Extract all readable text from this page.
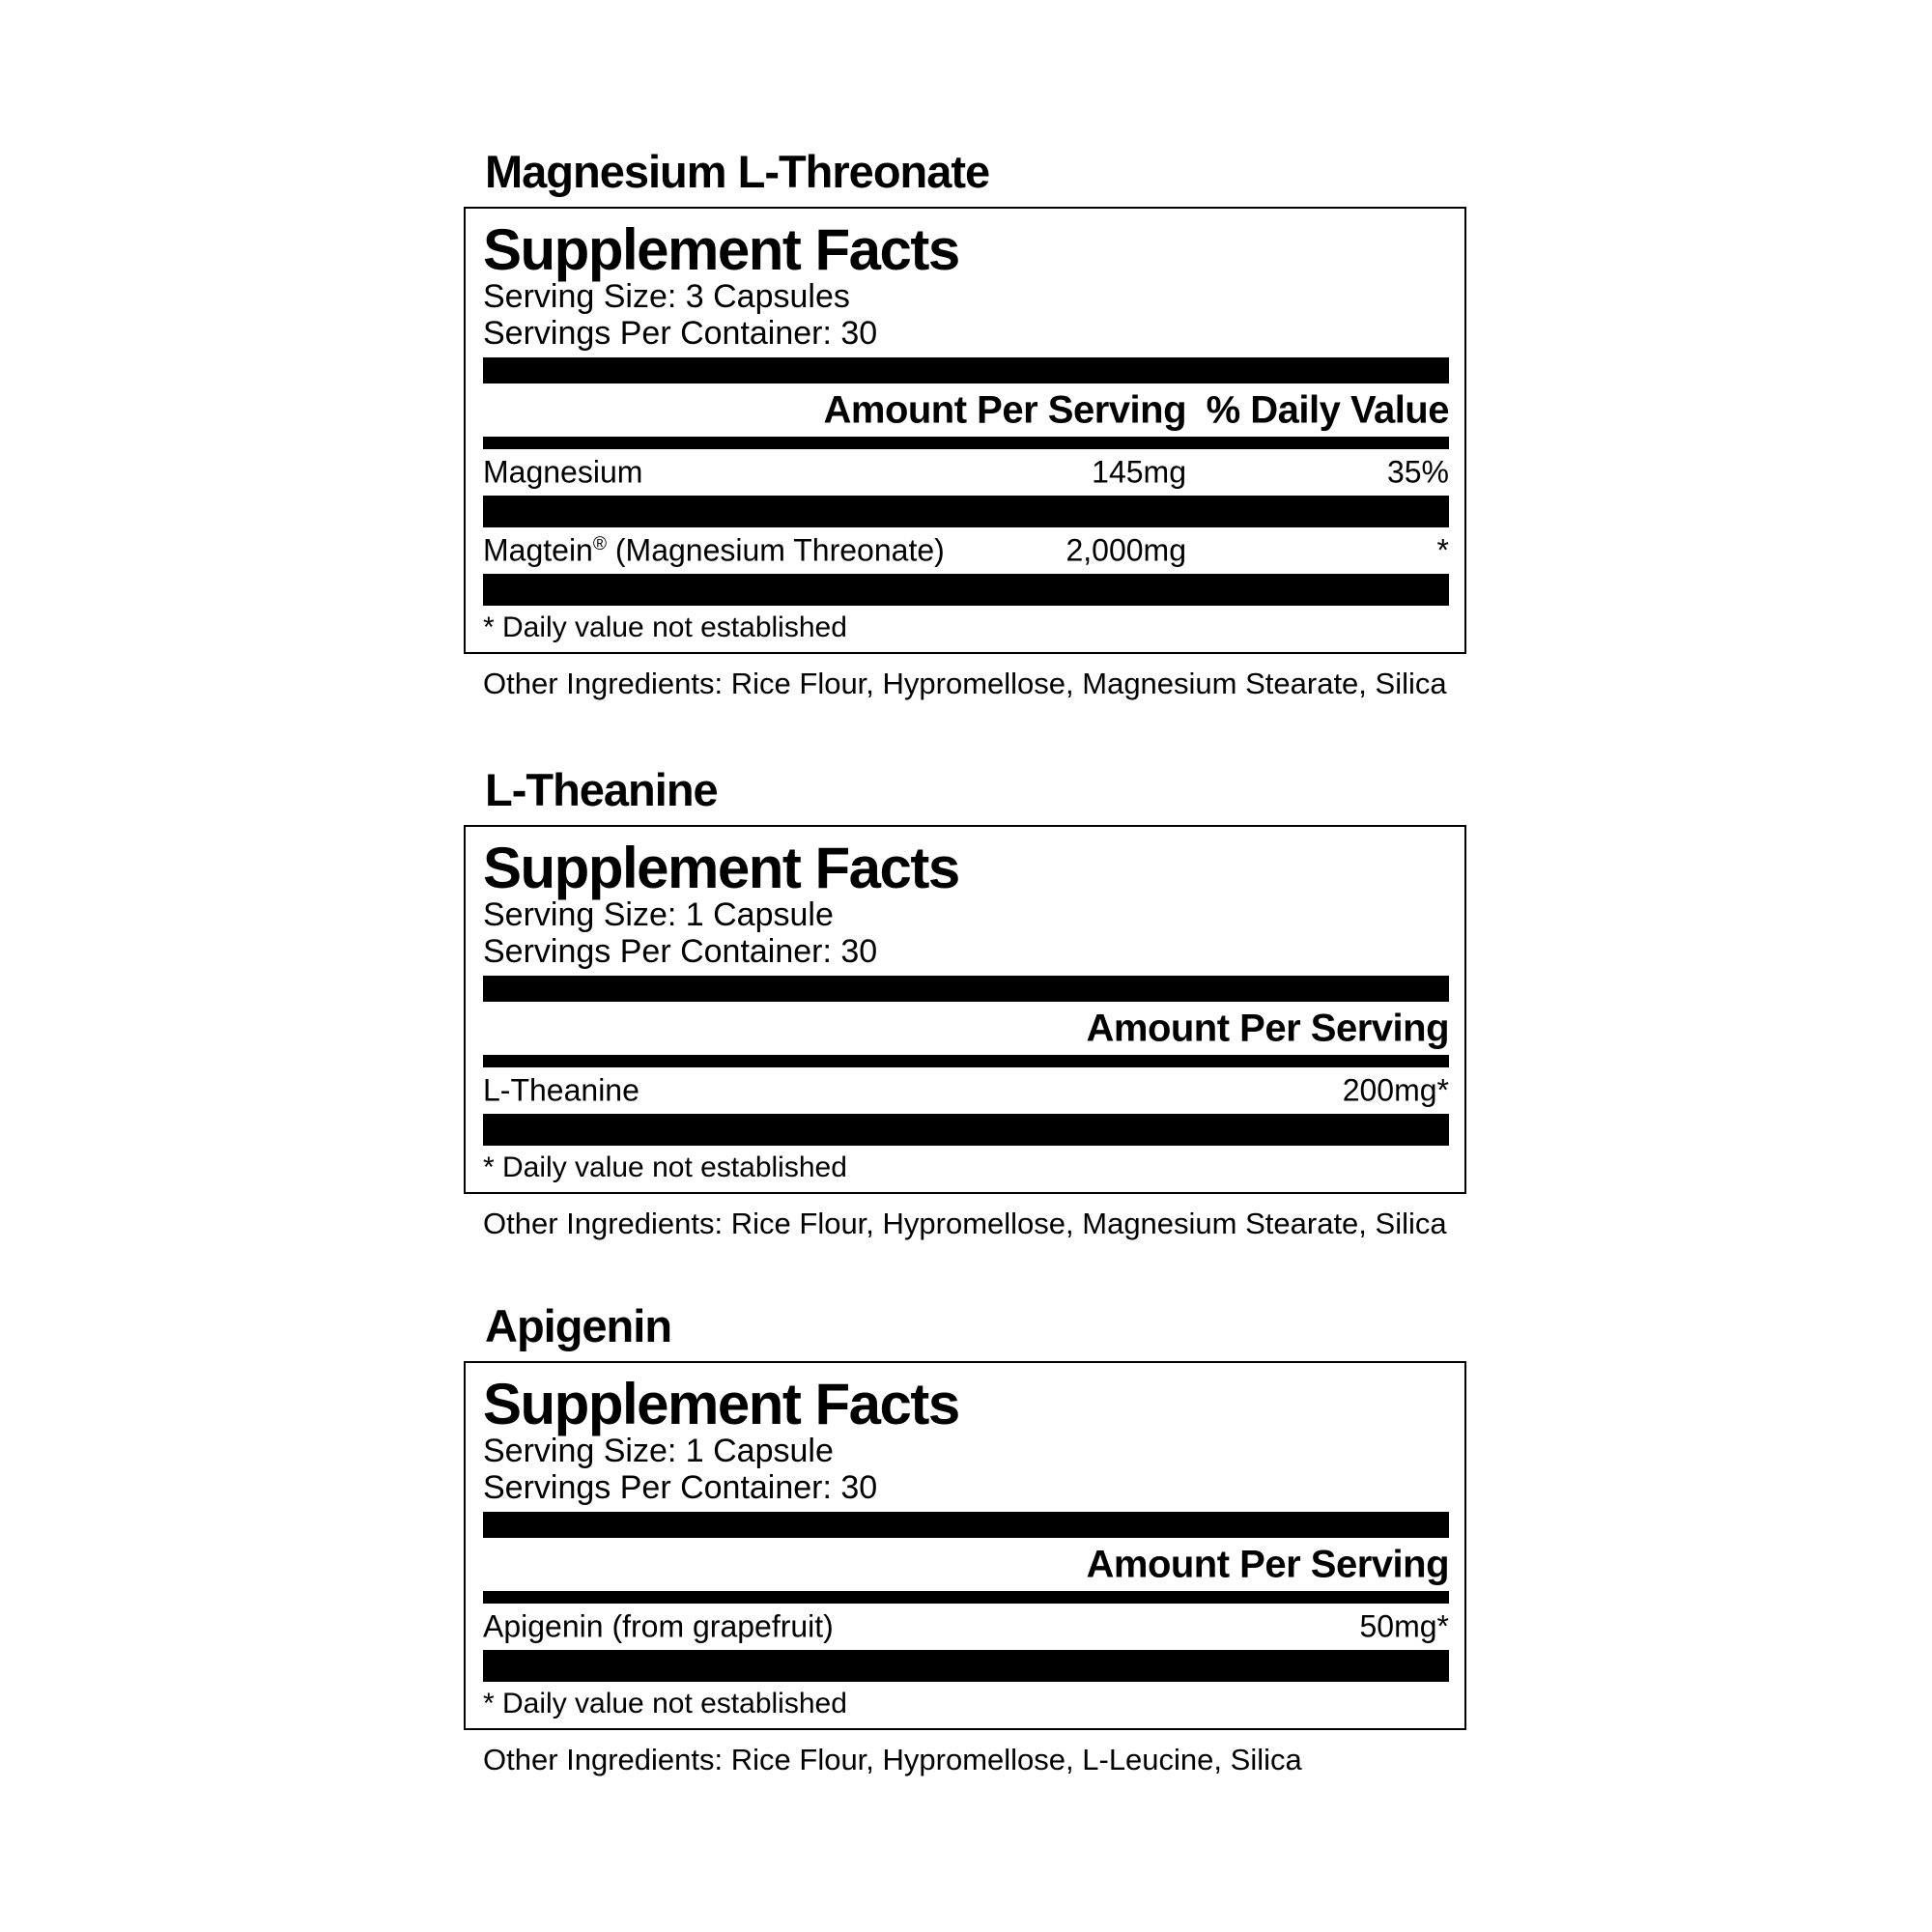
Magnesium L-Threonate
Supplement Facts
Serving Size: 3 Capsules
Servings Per Container: 30
Amount Per Serving % Daily Value
Magnesium	145mg	35%
Magtein® (Magnesium Threonate)	2,000mg	*
* Daily value not established
Other Ingredients: Rice Flour, Hypromellose, Magnesium Stearate, Silica
L-Theanine
Supplement Facts
Serving Size: 1 Capsule
Servings Per Container: 30
Amount Per Serving
L-Theanine	200mg*
* Daily value not established
Other Ingredients: Rice Flour, Hypromellose, Magnesium Stearate, Silica
Apigenin
Supplement Facts
Serving Size: 1 Capsule
Servings Per Container: 30
Amount Per Serving
Apigenin (from grapefruit)	50mg*
* Daily value not established
Other Ingredients: Rice Flour, Hypromellose, L-Leucine, Silica
